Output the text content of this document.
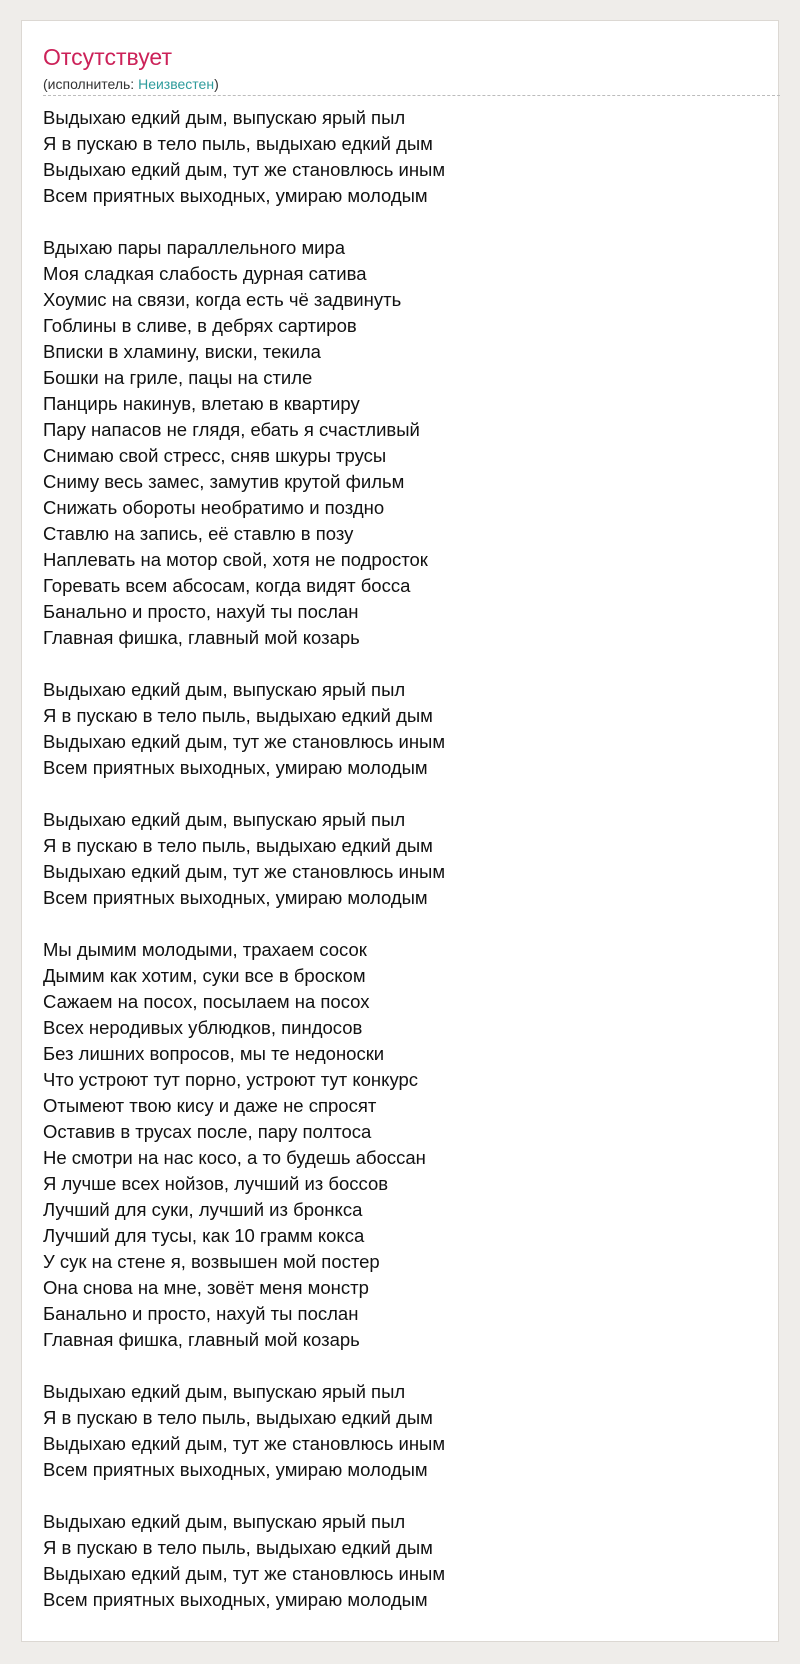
Отсутствует
(исполнитель: Неизвестен)
Выдыхаю едкий дым, выпускаю ярый пыл
Я в пускаю в тело пыль, выдыхаю едкий дым
Выдыхаю едкий дым, тут же становлюсь иным
Всем приятных выходных, умираю молодым
Вдыхаю пары параллельного мира
Моя сладкая слабость дурная сатива
Хоумис на связи, когда есть чё задвинуть
Гоблины в сливе, в дебрях сартиров
Вписки в хламину, виски, текила
Бошки на гриле, пацы на стиле
Панцирь накинув, влетаю в квартиру
Пару напасов не глядя, ебать я счастливый
Снимаю свой стресс, сняв шкуры трусы
Сниму весь замес, замутив крутой фильм
Снижать обороты необратимо и поздно
Ставлю на запись, её ставлю в позу
Наплевать на мотор свой, хотя не подросток
Горевать всем абсосам, когда видят босса
Банально и просто, нахуй ты послан
Главная фишка, главный мой козарь
Выдыхаю едкий дым, выпускаю ярый пыл
Я в пускаю в тело пыль, выдыхаю едкий дым
Выдыхаю едкий дым, тут же становлюсь иным
Всем приятных выходных, умираю молодым
Выдыхаю едкий дым, выпускаю ярый пыл
Я в пускаю в тело пыль, выдыхаю едкий дым
Выдыхаю едкий дым, тут же становлюсь иным
Всем приятных выходных, умираю молодым
Мы дымим молодыми, трахаем сосок
Дымим как хотим, суки все в броском
Сажаем на посох, посылаем на посох
Всех неродивых ублюдков, пиндосов
Без лишних вопросов, мы те недоноски
Что устроют тут порно, устроют тут конкурс
Отымеют твою кису и даже не спросят
Оставив в трусах после, пару полтоса
Не смотри на нас косо, а то будешь абоссан
Я лучше всех нойзов, лучший из боссов
Лучший для суки, лучший из бронкса
Лучший для тусы, как 10 грамм кокса
У сук на стене я, возвышен мой постер
Она снова на мне, зовёт меня монстр
Банально и просто, нахуй ты послан
Главная фишка, главный мой козарь
Выдыхаю едкий дым, выпускаю ярый пыл
Я в пускаю в тело пыль, выдыхаю едкий дым
Выдыхаю едкий дым, тут же становлюсь иным
Всем приятных выходных, умираю молодым
Выдыхаю едкий дым, выпускаю ярый пыл
Я в пускаю в тело пыль, выдыхаю едкий дым
Выдыхаю едкий дым, тут же становлюсь иным
Всем приятных выходных, умираю молодым
